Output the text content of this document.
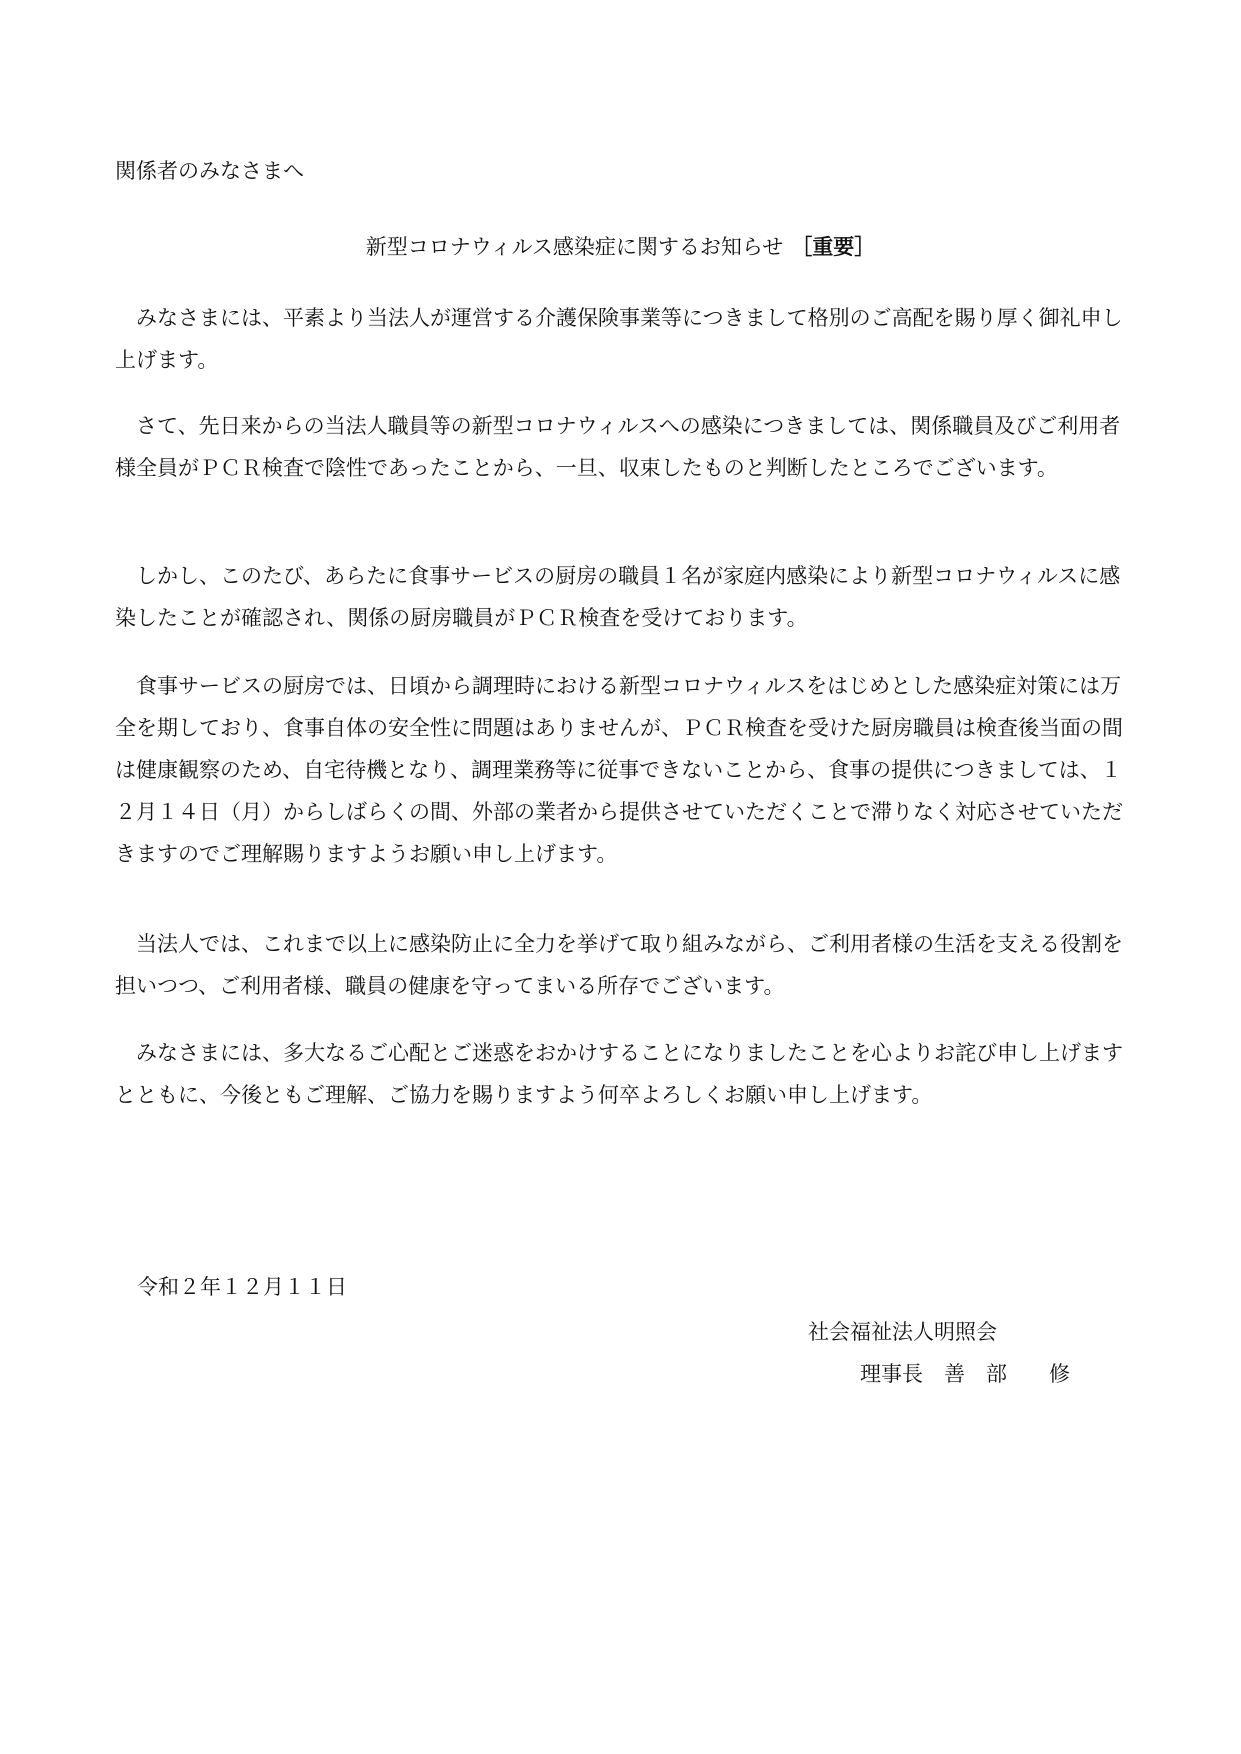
関係者のみなさまへ

新型コロナウィルス感染症に関するお知らせ ［重要］

みなさまには、平素より当法人が運営する介護保険事業等につきまして格別のご高配を賜り厚く御礼申し上げます。

さて、先日来からの当法人職員等の新型コロナウィルスへの感染につきましては、関係職員及びご利用者様全員がＰＣＲ検査で陰性であったことから、一旦、収束したものと判断したところでございます。

しかし、このたび、あらたに食事サービスの厨房の職員１名が家庭内感染により新型コロナウィルスに感染したことが確認され、関係の厨房職員がＰＣＲ検査を受けております。

食事サービスの厨房では、日頃から調理時における新型コロナウィルスをはじめとした感染症対策には万全を期しており、食事自体の安全性に問題はありませんが、ＰＣＲ検査を受けた厨房職員は検査後当面の間は健康観察のため、自宅待機となり、調理業務等に従事できないことから、食事の提供につきましては、１２月１４日（月）からしばらくの間、外部の業者から提供させていただくことで滞りなく対応させていただきますのでご理解賜りますようお願い申し上げます。

当法人では、これまで以上に感染防止に全力を挙げて取り組みながら、ご利用者様の生活を支える役割を担いつつ、ご利用者様、職員の健康を守ってまいる所存でございます。

みなさまには、多大なるご心配とご迷惑をおかけすることになりましたことを心よりお詫び申し上げますとともに、今後ともご理解、ご協力を賜りますよう何卒よろしくお願い申し上げます。

令和２年１２月１１日

社会福祉法人明照会

理事長　善　部　　修
